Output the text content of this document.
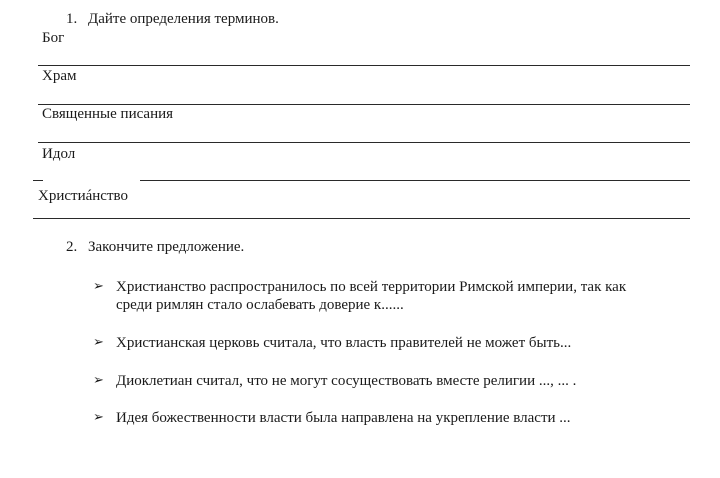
1. Дайте определения терминов.
Бог
Храм
Священные писания
Идол
Христиáнство
2. Закончите предложение.
➢ Христианство распространилось по всей территории Римской империи, так как
среди римлян стало ослабевать доверие к......
➢ Христианская церковь считала, что власть правителей не может быть...
➢ Диоклетиан считал, что не могут сосуществовать вместе религии ..., ... .
➢ Идея божественности власти была направлена на укрепление власти ...
